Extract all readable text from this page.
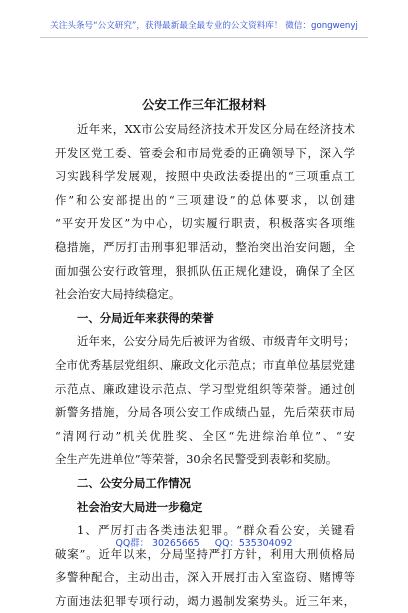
关注头条号“公文研究”，获得最新最全最专业的公文资料库！ 微信：gongwenyj
公安工作三年汇报材料
近年来，XX市公安局经济技术开发区分局在经济技术
开发区党工委、管委会和市局党委的正确领导下，深入学
习实践科学发展观，按照中央政法委提出的“三项重点工
作”和公安部提出的“三项建设”的总体要求，以创建
“平安开发区”为中心，切实履行职责，积极落实各项维
稳措施，严厉打击刑事犯罪活动，整治突出治安问题，全
面加强公安行政管理，狠抓队伍正规化建设，确保了全区
社会治安大局持续稳定。
一、分局近年来获得的荣誉
近年来，公安分局先后被评为省级、市级青年文明号；
全市优秀基层党组织、廉政文化示范点；市直单位基层党建
示范点、廉政建设示范点、学习型党组织等荣誉。通过创
新警务措施，分局各项公安工作成绩凸显，先后荣获市局
“清网行动”机关优胜奖、全区“先进综治单位”、“安
全生产先进单位”等荣誉，30余名民警受到表彰和奖励。
二、公安分局工作情况
社会治安大局进一步稳定
1、严厉打击各类违法犯罪。“群众看公安，关键看
破案”。近年以来，分局坚持严打方针，利用大刑侦格局
多警种配合，主动出击，深入开展打击入室盗窃、赌博等
方面违法犯罪专项行动，竭力遏制发案势头。近三年来，
QQ群： 30265665 QQ：535304092
